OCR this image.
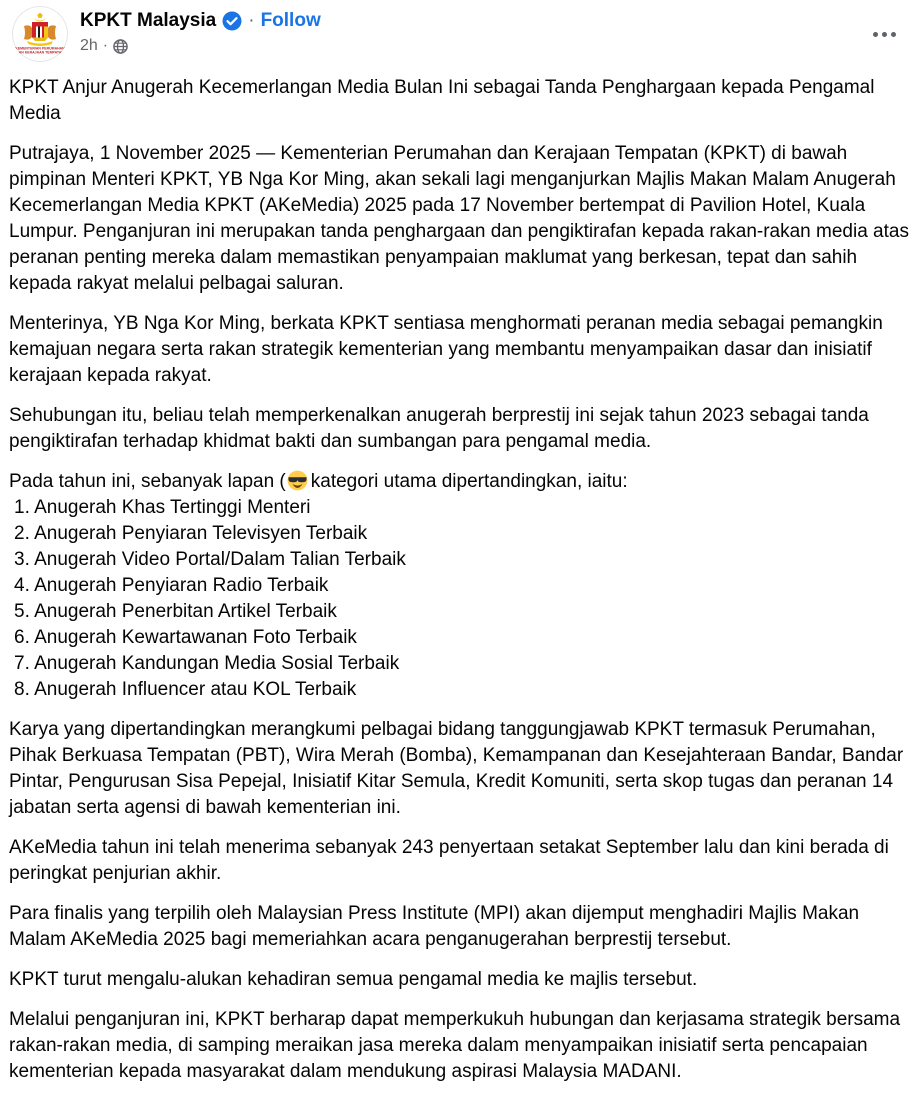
KEMENTERIAN PERUMAHAN
DAN KERAJAAN TEMPATAN
KPKT Malaysia · Follow
2h ·

KPKT Anjur Anugerah Kecemerlangan Media Bulan Ini sebagai Tanda Penghargaan kepada Pengamal Media

Putrajaya, 1 November 2025 — Kementerian Perumahan dan Kerajaan Tempatan (KPKT) di bawah pimpinan Menteri KPKT, YB Nga Kor Ming, akan sekali lagi menganjurkan Majlis Makan Malam Anugerah Kecemerlangan Media KPKT (AKeMedia) 2025 pada 17 November bertempat di Pavilion Hotel, Kuala Lumpur. Penganjuran ini merupakan tanda penghargaan dan pengiktirafan kepada rakan-rakan media atas peranan penting mereka dalam memastikan penyampaian maklumat yang berkesan, tepat dan sahih kepada rakyat melalui pelbagai saluran.

Menterinya, YB Nga Kor Ming, berkata KPKT sentiasa menghormati peranan media sebagai pemangkin kemajuan negara serta rakan strategik kementerian yang membantu menyampaikan dasar dan inisiatif kerajaan kepada rakyat.

Sehubungan itu, beliau telah memperkenalkan anugerah berprestij ini sejak tahun 2023 sebagai tanda pengiktirafan terhadap khidmat bakti dan sumbangan para pengamal media.

Pada tahun ini, sebanyak lapan ( kategori utama dipertandingkan, iaitu:

1. Anugerah Khas Tertinggi Menteri
2. Anugerah Penyiaran Televisyen Terbaik
3. Anugerah Video Portal/Dalam Talian Terbaik
4. Anugerah Penyiaran Radio Terbaik
5. Anugerah Penerbitan Artikel Terbaik
6. Anugerah Kewartawanan Foto Terbaik
7. Anugerah Kandungan Media Sosial Terbaik
8. Anugerah Influencer atau KOL Terbaik

Karya yang dipertandingkan merangkumi pelbagai bidang tanggungjawab KPKT termasuk Perumahan, Pihak Berkuasa Tempatan (PBT), Wira Merah (Bomba), Kemampanan dan Kesejahteraan Bandar, Bandar Pintar, Pengurusan Sisa Pepejal, Inisiatif Kitar Semula, Kredit Komuniti, serta skop tugas dan peranan 14 jabatan serta agensi di bawah kementerian ini.

AKeMedia tahun ini telah menerima sebanyak 243 penyertaan setakat September lalu dan kini berada di peringkat penjurian akhir.

Para finalis yang terpilih oleh Malaysian Press Institute (MPI) akan dijemput menghadiri Majlis Makan Malam AKeMedia 2025 bagi memeriahkan acara penganugerahan berprestij tersebut.

KPKT turut mengalu-alukan kehadiran semua pengamal media ke majlis tersebut.

Melalui penganjuran ini, KPKT berharap dapat memperkukuh hubungan dan kerjasama strategik bersama rakan-rakan media, di samping meraikan jasa mereka dalam menyampaikan inisiatif serta pencapaian kementerian kepada masyarakat dalam mendukung aspirasi Malaysia MADANI.
